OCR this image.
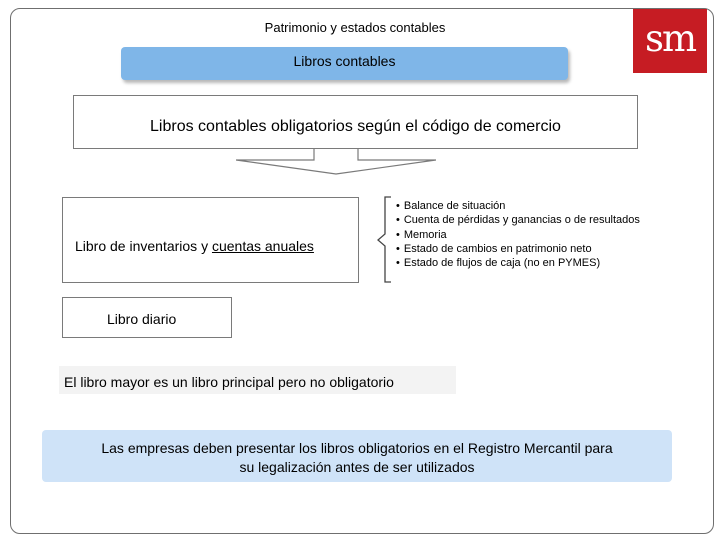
Patrimonio y estados contables	sm
Libros contables
Libros contables obligatorios según el código de comercio
Libro de inventarios y cuentas anuales
• Balance de situación
• Cuenta de pérdidas y ganancias o de resultados
• Memoria
• Estado de cambios en patrimonio neto
• Estado de flujos de caja (no en PYMES)
Libro diario
El libro mayor es un libro principal pero no obligatorio
Las empresas deben presentar los libros obligatorios en el Registro Mercantil para
su legalización antes de ser utilizados
